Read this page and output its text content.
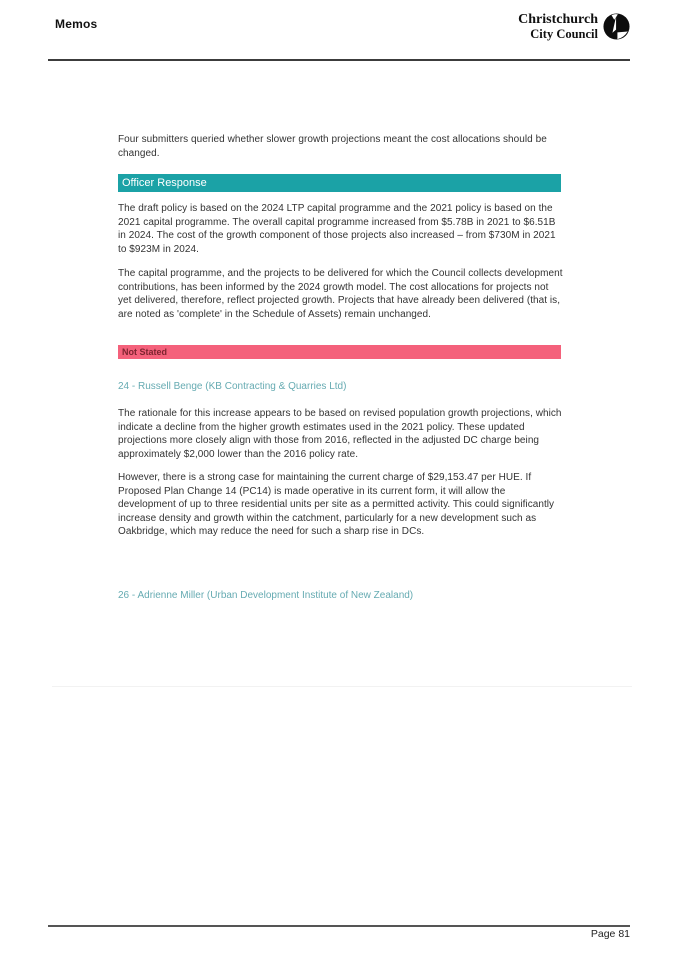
Memos	Christchurch
City Council
Four submitters queried whether slower growth projections meant the cost allocations should be changed.
Officer Response
The draft policy is based on the 2024 LTP capital programme and the 2021 policy is based on the 2021 capital programme. The overall capital programme increased from $5.78B in 2021 to $6.51B in 2024. The cost of the growth component of those projects also increased – from $730M in 2021 to $923M in 2024.
The capital programme, and the projects to be delivered for which the Council collects development contributions, has been informed by the 2024 growth model. The cost allocations for projects not yet delivered, therefore, reflect projected growth. Projects that have already been delivered (that is, are noted as 'complete' in the Schedule of Assets) remain unchanged.
Not Stated
24 - Russell Benge (KB Contracting & Quarries Ltd)
The rationale for this increase appears to be based on revised population growth projections, which indicate a decline from the higher growth estimates used in the 2021 policy. These updated projections more closely align with those from 2016, reflected in the adjusted DC charge being approximately $2,000 lower than the 2016 policy rate.
However, there is a strong case for maintaining the current charge of $29,153.47 per HUE. If Proposed Plan Change 14 (PC14) is made operative in its current form, it will allow the development of up to three residential units per site as a permitted activity. This could significantly increase density and growth within the catchment, particularly for a new development such as Oakbridge, which may reduce the need for such a sharp rise in DCs.
26 - Adrienne Miller (Urban Development Institute of New Zealand)
Page 81
